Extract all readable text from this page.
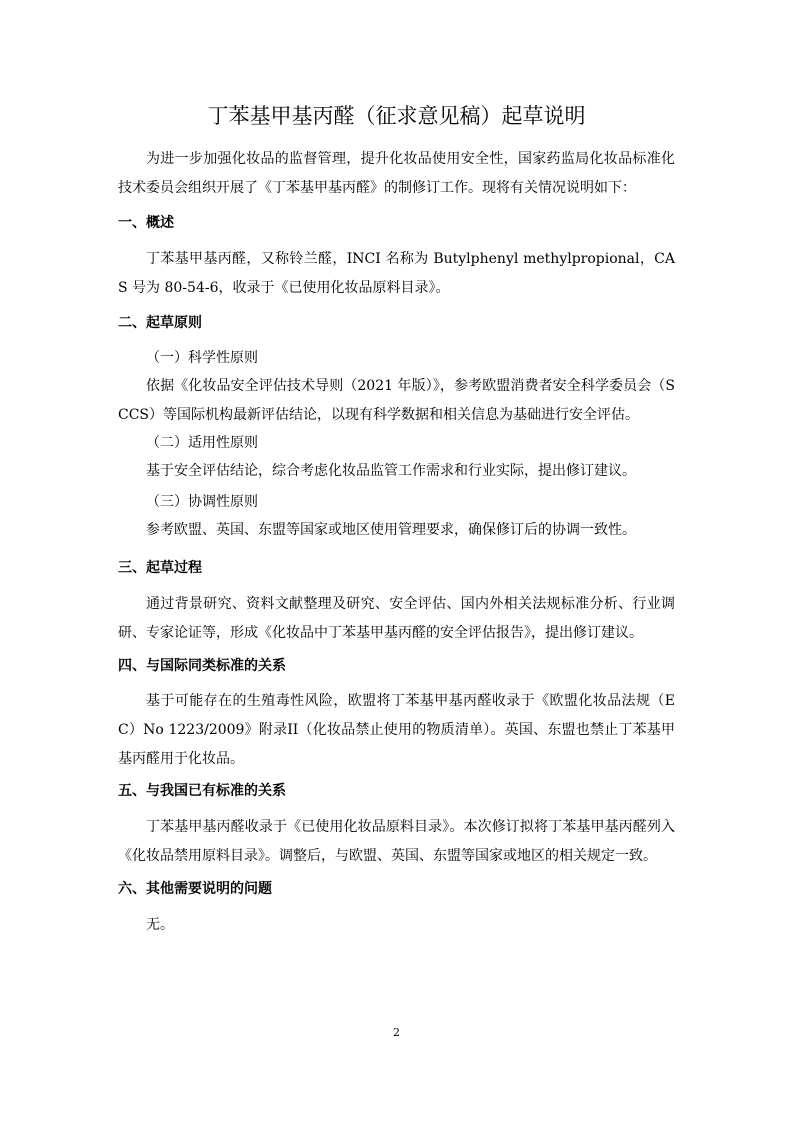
丁苯基甲基丙醛（征求意见稿）起草说明
为进一步加强化妆品的监督管理，提升化妆品使用安全性，国家药监局化妆品标准化技术委员会组织开展了《丁苯基甲基丙醛》的制修订工作。现将有关情况说明如下：
一、概述
丁苯基甲基丙醛，又称铃兰醛，INCI 名称为 Butylphenyl methylpropional，CAS 号为 80-54-6，收录于《已使用化妆品原料目录》。
二、起草原则
（一）科学性原则
依据《化妆品安全评估技术导则（2021 年版）》，参考欧盟消费者安全科学委员会（SCCS）等国际机构最新评估结论，以现有科学数据和相关信息为基础进行安全评估。
（二）适用性原则
基于安全评估结论，综合考虑化妆品监管工作需求和行业实际，提出修订建议。
（三）协调性原则
参考欧盟、英国、东盟等国家或地区使用管理要求，确保修订后的协调一致性。
三、起草过程
通过背景研究、资料文献整理及研究、安全评估、国内外相关法规标准分析、行业调研、专家论证等，形成《化妆品中丁苯基甲基丙醛的安全评估报告》，提出修订建议。
四、与国际同类标准的关系
基于可能存在的生殖毒性风险，欧盟将丁苯基甲基丙醛收录于《欧盟化妆品法规（EC）No 1223/2009》附录II（化妆品禁止使用的物质清单）。英国、东盟也禁止丁苯基甲基丙醛用于化妆品。
五、与我国已有标准的关系
丁苯基甲基丙醛收录于《已使用化妆品原料目录》。本次修订拟将丁苯基甲基丙醛列入《化妆品禁用原料目录》。调整后，与欧盟、英国、东盟等国家或地区的相关规定一致。
六、其他需要说明的问题
无。
2
